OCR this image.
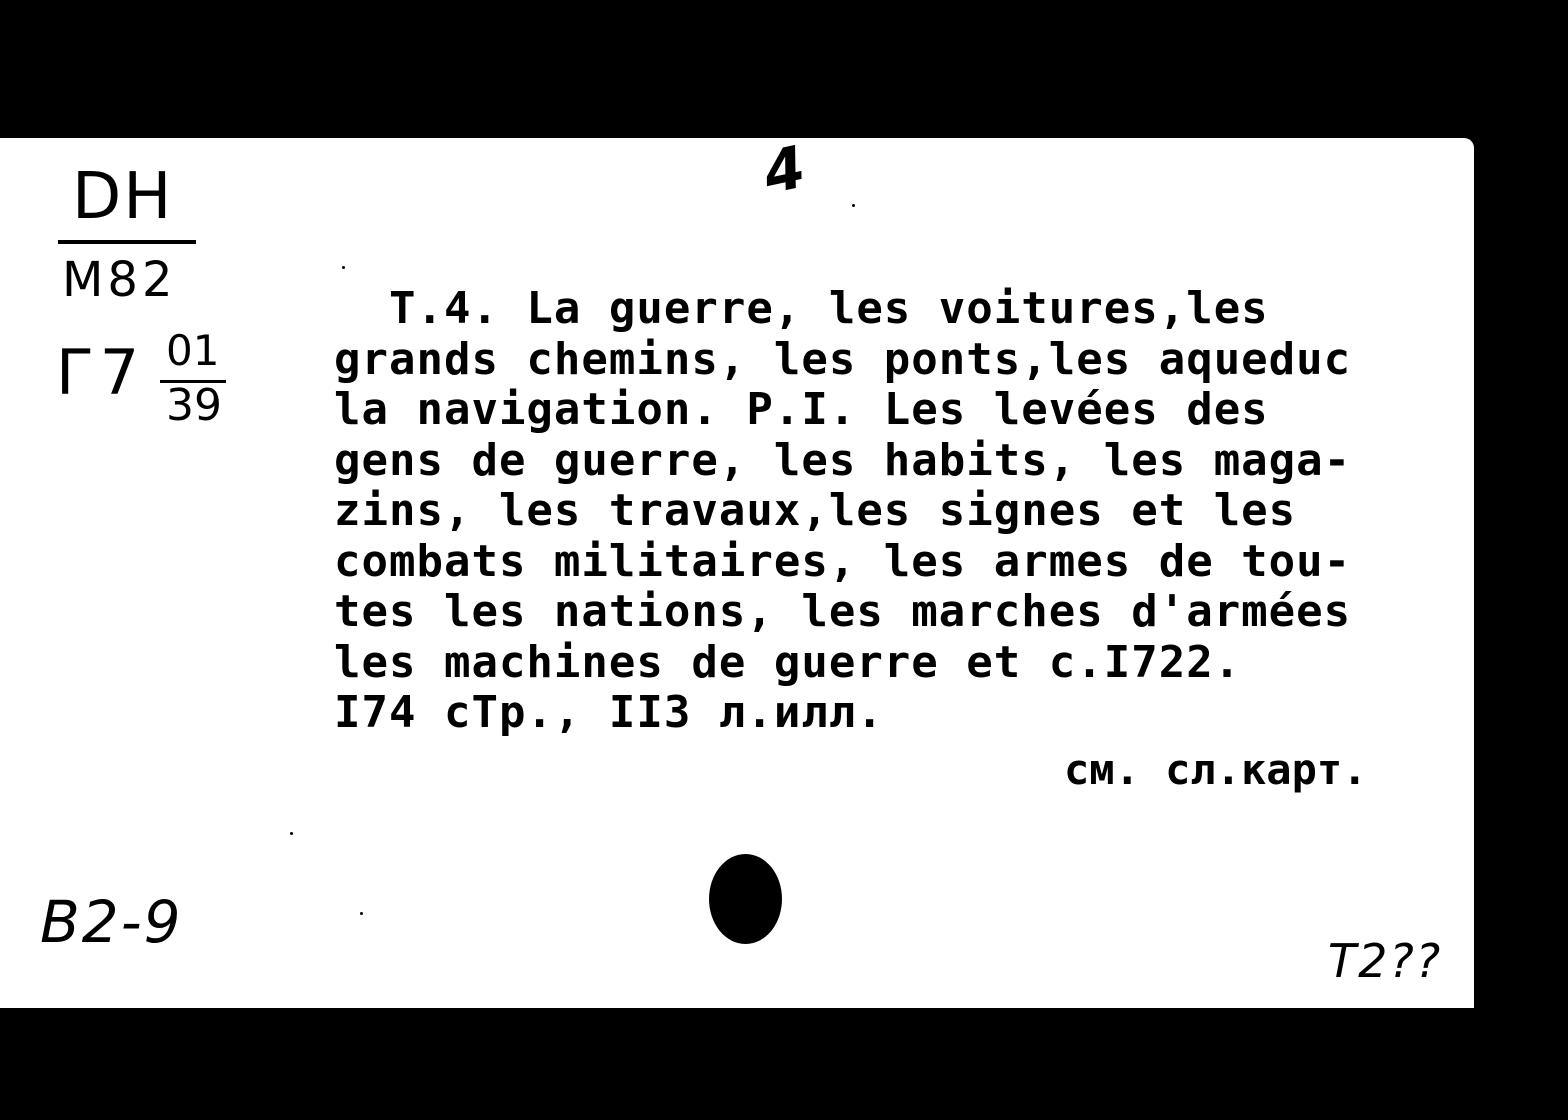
DH
M82
Г7 01
39
4
T.4. La guerre, les voitures,les
grands chemins, les ponts,les aqueduc
la navigation. P.I. Les levées des
gens de guerre, les habits, les maga-
zins, les travaux,les signes et les
combats militaires, les armes de tou-
tes les nations, les marches d'armées
les machines de guerre et c.I722.
I74 cTp., II3 л.илл.
см. сл.карт.
B2-9
T2??
